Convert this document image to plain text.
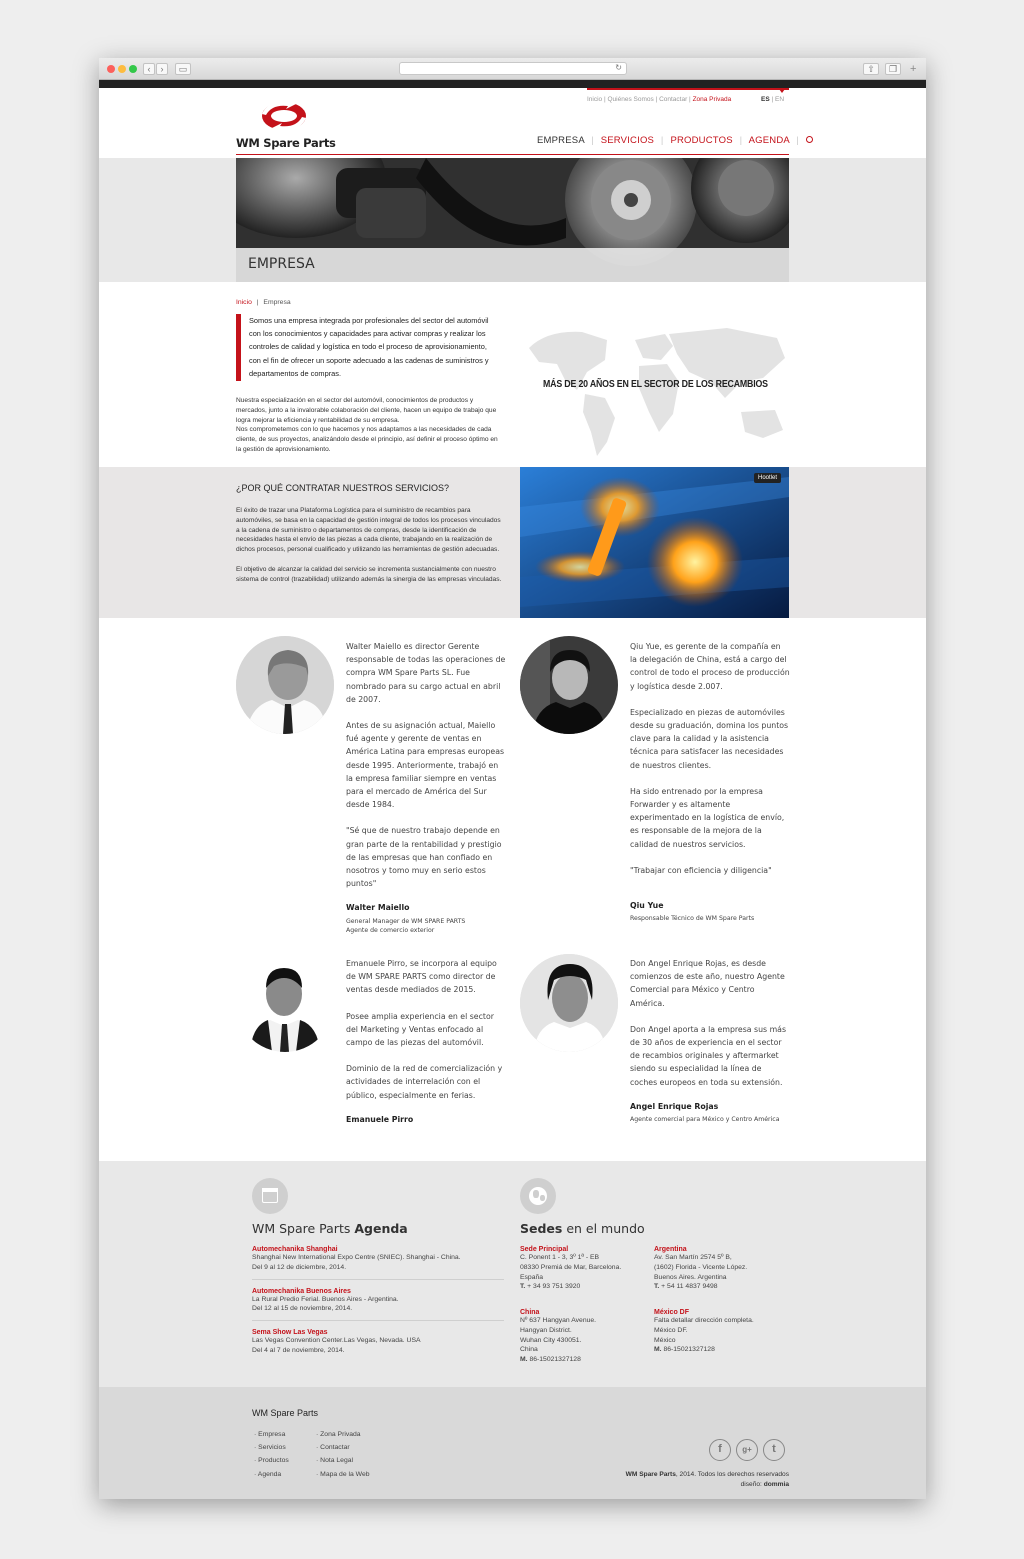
‹	›	▭	↻	⇧	❐	+
Inicio | Quiénes Somos | Contactar | Zona Privada	ES | EN
WM Spare Parts	EMPRESA | SERVICIOS | PRODUCTOS | AGENDA |
EMPRESA
Inicio | Empresa
Somos una empresa integrada por profesionales del sector del automóvil con los conocimientos y capacidades para activar compras y realizar los controles de calidad y logística en todo el proceso de aprovisionamiento, con el fin de ofrecer un soporte adecuado a las cadenas de suministros y departamentos de compras.
Nuestra especialización en el sector del automóvil, conocimientos de productos y mercados, junto a la invalorable colaboración del cliente, hacen un equipo de trabajo que logra mejorar la eficiencia y rentabilidad de su empresa.
Nos comprometemos con lo que hacemos y nos adaptamos a las necesidades de cada cliente, de sus proyectos, analizándolo desde el principio, así definir el proceso óptimo en la gestión de aprovisionamiento.
MÁS DE 20 AÑOS EN EL SECTOR DE LOS RECAMBIOS
¿POR QUÉ CONTRATAR NUESTROS SERVICIOS?

El éxito de trazar una Plataforma Logística para el suministro de recambios para automóviles, se basa en la capacidad de gestión integral de todos los procesos vinculados a la cadena de suministro o departamentos de compras, desde la identificación de necesidades hasta el envío de las piezas a cada cliente, trabajando en la realización de dichos procesos, personal cualificado y utilizando las herramientas de gestión adecuadas.

El objetivo de alcanzar la calidad del servicio se incrementa sustancialmente con nuestro sistema de control (trazabilidad) utilizando además la sinergia de las empresas vinculadas.

Hootlet

Walter Maiello es director Gerente responsable de todas las operaciones de compra WM Spare Parts SL. Fue nombrado para su cargo actual en abril de 2007.

Antes de su asignación actual, Maiello fué agente y gerente de ventas en América Latina para empresas europeas desde 1995. Anteriormente, trabajó en la empresa familiar siempre en ventas para el mercado de América del Sur desde 1984.

"Sé que de nuestro trabajo depende en gran parte de la rentabilidad y prestigio de las empresas que han confiado en nosotros y tomo muy en serio estos puntos"

Walter Maiello
General Manager de WM SPARE PARTS
Agente de comercio exterior

Qiu Yue, es gerente de la compañía en la delegación de China, está a cargo del control de todo el proceso de producción y logística desde 2.007.

Especializado en piezas de automóviles desde su graduación, domina los puntos clave para la calidad y la asistencia técnica para satisfacer las necesidades de nuestros clientes.

Ha sido entrenado por la empresa Forwarder y es altamente experimentado en la logística de envío, es responsable de la mejora de la calidad de nuestros servicios.

"Trabajar con eficiencia y diligencia"

Qiu Yue
Responsable Técnico de WM Spare Parts

Emanuele Pirro, se incorpora al equipo de WM SPARE PARTS como director de ventas desde mediados de 2015.

Posee amplia experiencia en el sector del Marketing y Ventas enfocado al campo de las piezas del automóvil.

Dominio de la red de comercialización y actividades de interrelación con el público, especialmente en ferias.

Emanuele Pirro

Don Angel Enrique Rojas, es desde comienzos de este año, nuestro Agente Comercial para México y Centro América.

Don Angel aporta a la empresa sus más de 30 años de experiencia en el sector de recambios originales y aftermarket siendo su especialidad la línea de coches europeos en toda su extensión.

Angel Enrique Rojas
Agente comercial para México y Centro América
WM Spare Parts Agenda
Automechanika Shanghai
Shanghai New International Expo Centre (SNIEC). Shanghai - China.
Del 9 al 12 de diciembre, 2014.
Automechanika Buenos Aires
La Rural Predio Ferial. Buenos Aires - Argentina.
Del 12 al 15 de noviembre, 2014.
Sema Show Las Vegas
Las Vegas Convention Center.Las Vegas, Nevada. USA
Del 4 al 7 de noviembre, 2014.
Sedes en el mundo
Sede Principal
C. Ponent 1 - 3, 3º 1ª - EB
08330 Premiá de Mar, Barcelona.
España
T. + 34 93 751 3920
Argentina
Av. San Martín 2574 5º B,
(1602) Florida - Vicente López.
Buenos Aires. Argentina
T. + 54 11 4837 9498
China
Nº 637 Hangyan Avenue.
Hangyan District.
Wuhan City 430051.
China
M. 86-15021327128
México DF
Falta detallar dirección completa.
México DF.
México
M. 86-15021327128
WM Spare Parts
· Empresa
· Servicios
· Productos
· Agenda
· Zona Privada
· Contactar
· Nota Legal
· Mapa de la Web
f	g+	t
WM Spare Parts, 2014. Todos los derechos reservados
diseño: dommia
